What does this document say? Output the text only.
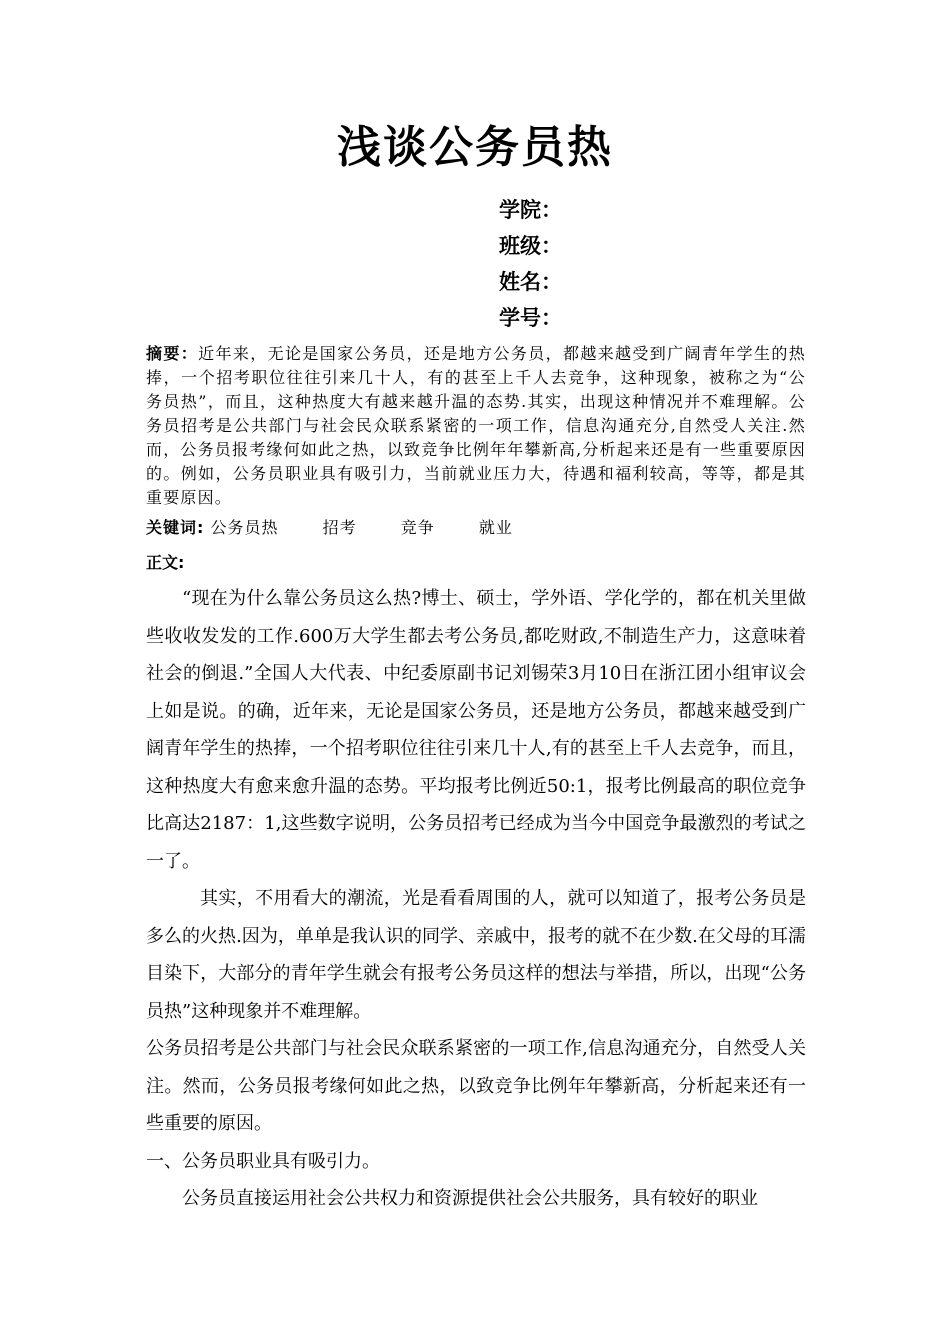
浅谈公务员热
学院：
班级：
姓名：
学号：
摘要：近年来，无论是国家公务员，还是地方公务员，都越来越受到广阔青年学生的热捧，一个招考职位往往引来几十人，有的甚至上千人去竞争，这种现象，被称之为“公务员热”，而且，这种热度大有越来越升温的态势.其实，出现这种情况并不难理解。公务员招考是公共部门与社会民众联系紧密的一项工作，信息沟通充分,自然受人关注.然而，公务员报考缘何如此之热，以致竞争比例年年攀新高,分析起来还是有一些重要原因的。例如，公务员职业具有吸引力，当前就业压力大，待遇和福利较高，等等，都是其重要原因。
关键词: 公务员热	招考	竞争	就业
正文:

“现在为什么靠公务员这么热?博士、硕士，学外语、学化学的，都在机关里做些收收发发的工作.600万大学生都去考公务员,都吃财政,不制造生产力，这意味着社会的倒退.”全国人大代表、中纪委原副书记刘锡荣3月10日在浙江团小组审议会上如是说。的确，近年来，无论是国家公务员，还是地方公务员，都越来越受到广阔青年学生的热捧，一个招考职位往往引来几十人,有的甚至上千人去竞争，而且，这种热度大有愈来愈升温的态势。平均报考比例近50:1，报考比例最高的职位竞争比高达2187：1,这些数字说明，公务员招考已经成为当今中国竞争最激烈的考试之一了。

其实，不用看大的潮流，光是看看周围的人，就可以知道了，报考公务员是多么的火热.因为，单单是我认识的同学、亲戚中，报考的就不在少数.在父母的耳濡目染下，大部分的青年学生就会有报考公务员这样的想法与举措，所以，出现“公务员热”这种现象并不难理解。

公务员招考是公共部门与社会民众联系紧密的一项工作,信息沟通充分，自然受人关注。然而，公务员报考缘何如此之热，以致竞争比例年年攀新高，分析起来还有一些重要的原因。

一、公务员职业具有吸引力。

公务员直接运用社会公共权力和资源提供社会公共服务，具有较好的职业
